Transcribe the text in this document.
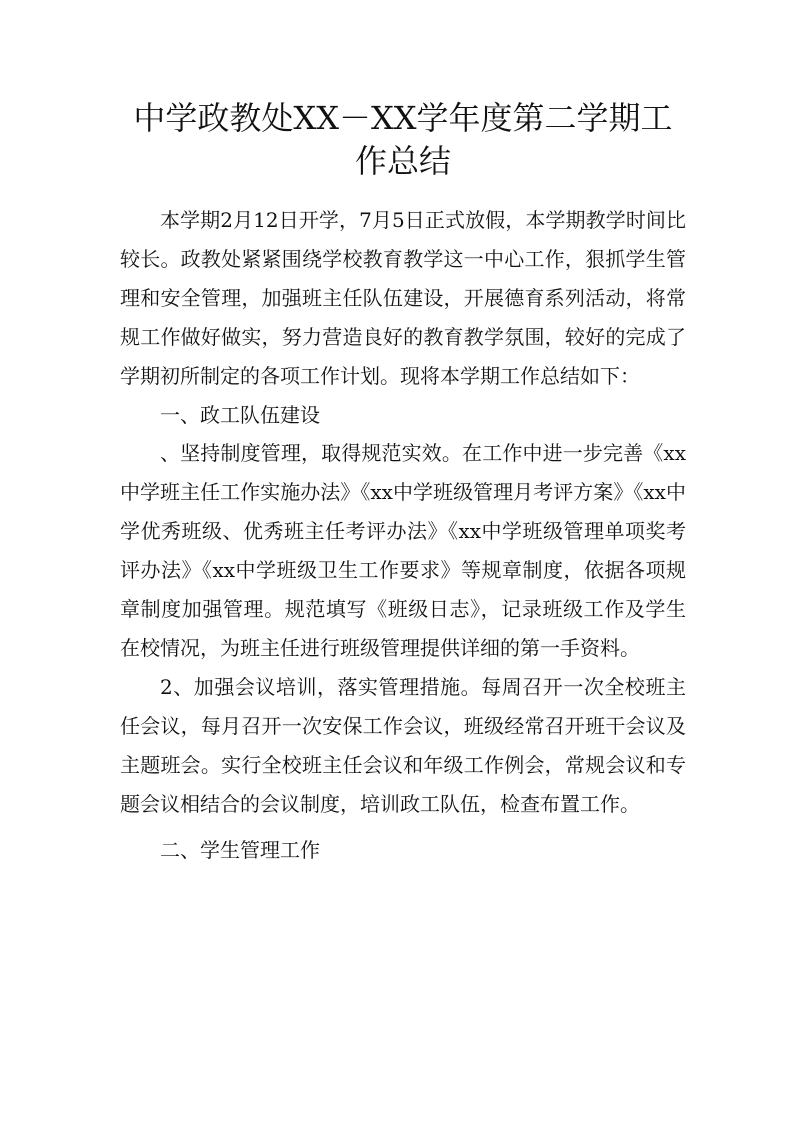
中学政教处XX－XX学年度第二学期工作总结

本学期2月12日开学，7月5日正式放假，本学期教学时间比较长。政教处紧紧围绕学校教育教学这一中心工作，狠抓学生管理和安全管理，加强班主任队伍建设，开展德育系列活动，将常规工作做好做实，努力营造良好的教育教学氛围，较好的完成了学期初所制定的各项工作计划。现将本学期工作总结如下：

一、政工队伍建设

、坚持制度管理，取得规范实效。在工作中进一步完善《xx中学班主任工作实施办法》《xx中学班级管理月考评方案》《xx中学优秀班级、优秀班主任考评办法》《xx中学班级管理单项奖考评办法》《xx中学班级卫生工作要求》等规章制度，依据各项规章制度加强管理。规范填写《班级日志》，记录班级工作及学生在校情况，为班主任进行班级管理提供详细的第一手资料。

2、加强会议培训，落实管理措施。每周召开一次全校班主任会议，每月召开一次安保工作会议，班级经常召开班干会议及主题班会。实行全校班主任会议和年级工作例会，常规会议和专题会议相结合的会议制度，培训政工队伍，检查布置工作。

二、学生管理工作
